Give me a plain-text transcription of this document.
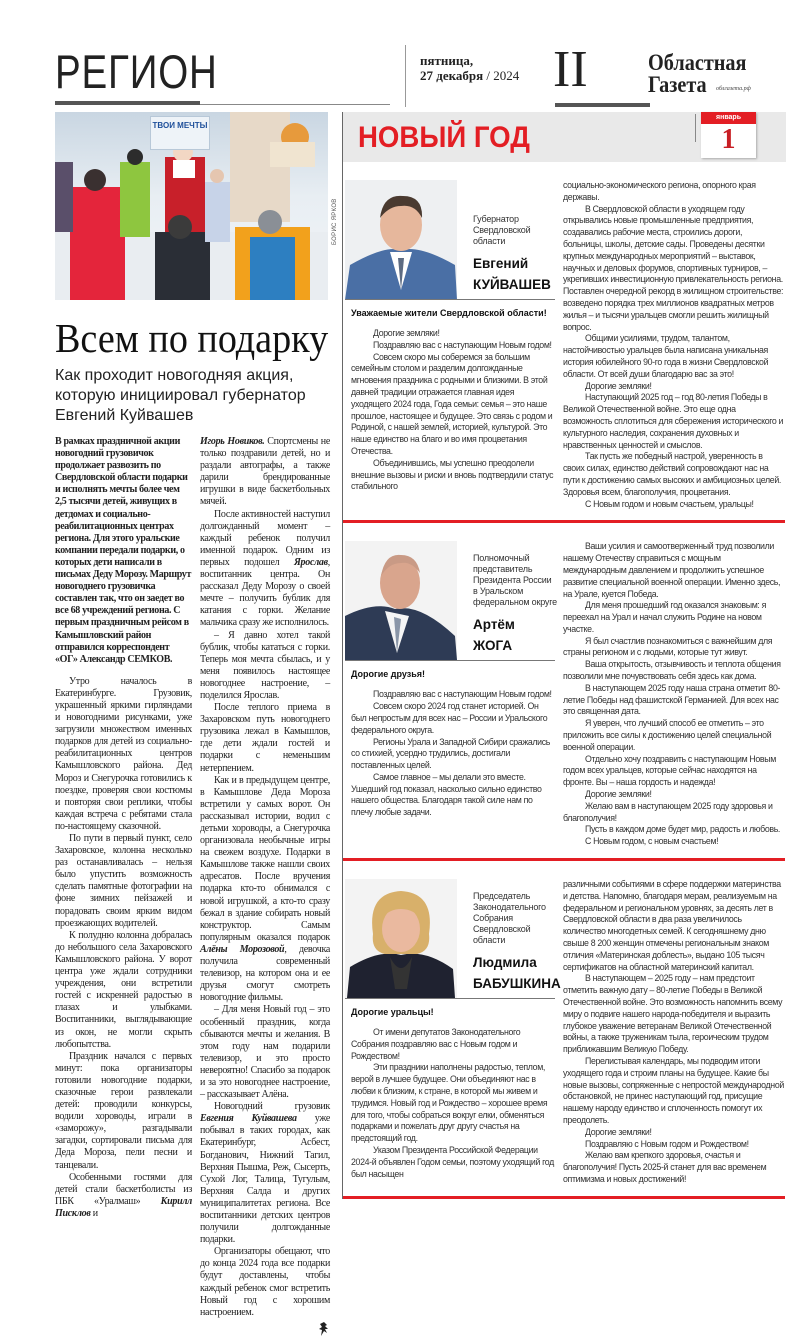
РЕГИОН	пятница,
27 декабря / 2024 II	Областная
Газета	облгазета.рф
ТВОИ МЕЧТЫ
Всем по подарку
Как проходит новогодняя акция, которую инициировал губернатор Евгений Куйвашев

В рамках праздничной акции новогодний грузовичок продолжает развозить по Свердловской области подарки и исполнять мечты более чем 2,5 тысячи детей, живущих в детдомах и социально-реабилитационных центрах региона. Для этого уральские компании передали подарки, о которых дети написали в письмах Деду Морозу. Маршрут новогоднего грузовичка составлен так, что он заедет во все 68 учреждений региона. С первым праздничным рейсом в Камышловский район отправился корреспондент «ОГ» Александр СЕМКОВ.

Утро началось в Екатеринбурге. Грузовик, украшенный яркими гирляндами и новогодними рисунками, уже загрузили множеством именных подарков для детей из социально-реабилитационных центров Камышловского района. Дед Мороз и Снегурочка готовились к поездке, проверяя свои костюмы и повторяя свои реплики, чтобы каждая встреча с ребятами стала по-настоящему сказочной.

По пути в первый пункт, село Захаровское, колонна несколько раз останавливалась – нельзя было упустить возможность сделать памятные фотографии на фоне зимних пейзажей и порадовать своим ярким видом проезжающих водителей.

К полудню колонна добралась до небольшого села Захаровского Камышловского района. У ворот центра уже ждали сотрудники учреждения, они встретили гостей с искренней радостью в глазах и улыбками. Воспитанники, выглядывающие из окон, не могли скрыть любопытства.

Праздник начался с первых минут: пока организаторы готовили новогодние подарки, сказочные герои развлекали детей: проводили конкурсы, водили хороводы, играли в «заморожу», разгадывали загадки, сортировали письма для Деда Мороза, пели песни и танцевали.

Особенными гостями для детей стали баскетболисты из ПБК «Уралмаш» Кирилл Писклов и

Игорь Новиков. Спортсмены не только поздравили детей, но и раздали автографы, а также дарили брендированные игрушки в виде баскетбольных мячей.

После активностей наступил долгожданный момент – каждый ребенок получил именной подарок. Одним из первых подошел Ярослав, воспитанник центра. Он рассказал Деду Морозу о своей мечте – получить бублик для катания с горки. Желание мальчика сразу же исполнилось.

– Я давно хотел такой бублик, чтобы кататься с горки. Теперь моя мечта сбылась, и у меня появилось настоящее новогоднее настроение, – поделился Ярослав.

После теплого приема в Захаровском путь новогоднего грузовика лежал в Камышлов, где дети ждали гостей и подарки с неменьшим нетерпением.

Как и в предыдущем центре, в Камышлове Деда Мороза встретили у самых ворот. Он рассказывал истории, водил с детьми хороводы, а Снегурочка организовала необычные игры на свежем воздухе. Подарки в Камышлове также нашли своих адресатов. После вручения подарка кто-то обнимался с новой игрушкой, а кто-то сразу бежал в здание собирать новый конструктор. Самым популярным оказался подарок Алёны Морозовой, девочка получила современный телевизор, на котором она и ее друзья смогут смотреть новогодние фильмы.

– Для меня Новый год – это особенный праздник, когда сбываются мечты и желания. В этом году нам подарили телевизор, и это просто невероятно! Спасибо за подарок и за это новогоднее настроение, – рассказывает Алёна.

Новогодний грузовик Евгения Куйвашева уже побывал в таких городах, как Екатеринбург, Асбест, Богданович, Нижний Тагил, Верхняя Пышма, Реж, Сысерть, Сухой Лог, Талица, Тугулым, Верхняя Салда и других муниципалитетах региона. Все воспитанники детских центров получили долгожданные подарки.

Организаторы обещают, что до конца 2024 года все подарки будут доставлены, чтобы каждый ребенок смог встретить Новый год с хорошим настроением.

БОРИС ЯРКОВ
НОВЫЙ ГОД
январь
1
Губернатор Свердловской области
Евгений
КУЙВАШЕВ
Уважаемые жители Свердловской области!

Дорогие земляки!

Поздравляю вас с наступающим Новым годом!

Совсем скоро мы соберемся за большим семейным столом и разделим долгожданные мгновения праздника с родными и близкими. В этой давней традиции отражается главная идея уходящего 2024 года, Года семьи: семья – это наше прошлое, настоящее и будущее. Это связь с родом и Родиной, с нашей землей, историей, культурой. Это наше единство на благо и во имя процветания Отечества.

Объединившись, мы успешно преодолели внешние вызовы и риски и вновь подтвердили статус стабильного

социально-экономического региона, опорного края державы.

В Свердловской области в уходящем году открывались новые промышленные предприятия, создавались рабочие места, строились дороги, больницы, школы, детские сады. Проведены десятки крупных международных мероприятий – выставок, научных и деловых форумов, спортивных турниров, – укрепивших инвестиционную привлекательность региона. Поставлен очередной рекорд в жилищном строительстве: возведено порядка трех миллионов квадратных метров жилья – и тысячи уральцев смогли решить жилищный вопрос.

Общими усилиями, трудом, талантом, настойчивостью уральцев была написана уникальная история юбилейного 90-го года в жизни Свердловской области. От всей души благодарю вас за это!

Дорогие земляки!

Наступающий 2025 год – год 80-летия Победы в Великой Отечественной войне. Это еще одна возможность сплотиться для сбережения исторического и культурного наследия, сохранения духовных и нравственных ценностей и смыслов.

Так пусть же победный настрой, уверенность в своих силах, единство действий сопровождают нас на пути к достижению самых высоких и амбициозных целей. Здоровья всем, благополучия, процветания.

С Новым годом и новым счастьем, уральцы!

Полномочный представитель Президента России в Уральском федеральном округе
Артём
ЖОГА
Дорогие друзья!

Поздравляю вас с наступающим Новым годом!

Совсем скоро 2024 год станет историей. Он был непростым для всех нас – России и Уральского федерального округа.

Регионы Урала и Западной Сибири сражались со стихией, усердно трудились, достигали поставленных целей.

Самое главное – мы делали это вместе. Ушедший год показал, насколько сильно единство нашего общества. Благодаря такой силе нам по плечу любые задачи.

Ваши усилия и самоотверженный труд позволили нашему Отечеству справиться с мощным международным давлением и продолжить успешное развитие специальной военной операции. Именно здесь, на Урале, куется Победа.

Для меня прошедший год оказался знаковым: я переехал на Урал и начал служить Родине на новом участке.

Я был счастлив познакомиться с важнейшим для страны регионом и с людьми, которые тут живут.

Ваша открытость, отзывчивость и теплота общения позволили мне почувствовать себя здесь как дома.

В наступающем 2025 году наша страна отметит 80-летие Победы над фашистской Германией. Для всех нас это священная дата.

Я уверен, что лучший способ ее отметить – это приложить все силы к достижению целей специальной военной операции.

Отдельно хочу поздравить с наступающим Новым годом всех уральцев, которые сейчас находятся на фронте. Вы – наша гордость и надежда!

Дорогие земляки!

Желаю вам в наступающем 2025 году здоровья и благополучия!

Пусть в каждом доме будет мир, радость и любовь.

С Новым годом, с новым счастьем!

Председатель Законодательного Собрания Свердловской области
Людмила
БАБУШКИНА
Дорогие уральцы!

От имени депутатов Законодательного Собрания поздравляю вас с Новым годом и Рождеством!

Эти праздники наполнены радостью, теплом, верой в лучшее будущее. Они объединяют нас в любви к близким, к стране, в которой мы живем и трудимся. Новый год и Рождество – хорошее время для того, чтобы собраться вокруг елки, обменяться подарками и пожелать друг другу счастья на предстоящий год.

Указом Президента Российской Федерации 2024-й объявлен Годом семьи, поэтому уходящий год был насыщен

различными событиями в сфере поддержки материнства и детства. Напомню, благодаря мерам, реализуемым на федеральном и региональном уровнях, за десять лет в Свердловской области в два раза увеличилось количество многодетных семей. К сегодняшнему дню свыше 8 200 женщин отмечены региональным знаком отличия «Материнская доблесть», выдано 105 тысяч сертификатов на областной материнский капитал.

В наступающем – 2025 году – нам предстоит отметить важную дату – 80-летие Победы в Великой Отечественной войне. Это возможность напомнить всему миру о подвиге нашего народа-победителя и выразить глубокое уважение ветеранам Великой Отечественной войны, а также труженикам тыла, героическим трудом приближавшим Великую Победу.

Перелистывая календарь, мы подводим итоги уходящего года и строим планы на будущее. Какие бы новые вызовы, сопряженные с непростой международной обстановкой, не принес наступающий год, присущие нашему народу единство и сплоченность помогут их преодолеть.

Дорогие земляки!

Поздравляю с Новым годом и Рождеством!

Желаю вам крепкого здоровья, счастья и благополучия! Пусть 2025-й станет для вас временем оптимизма и новых достижений!
